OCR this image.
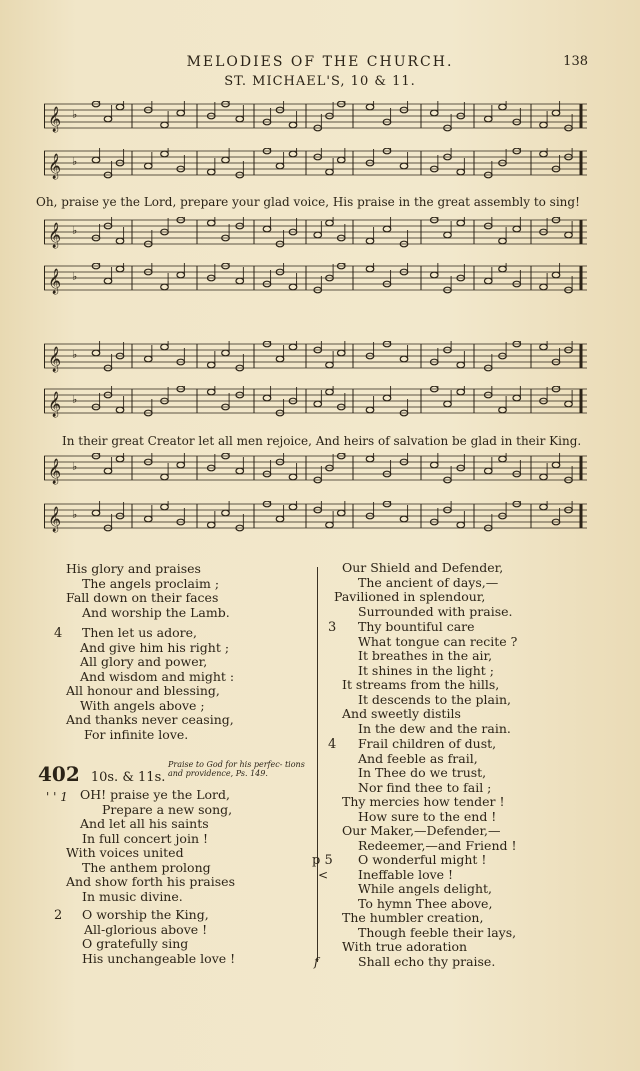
MELODIES OF THE CHURCH.	138
ST. MICHAEL'S, 10 & 11.
𝄞 ♭
𝄞 ♭
Oh, praise ye the Lord, prepare your glad voice, His praise in the great assembly to sing!
𝄞 ♭
𝄞 ♭
𝄞 ♭
𝄞 ♭
In their great Creator let all men rejoice, And heirs of salvation be glad in their King.
𝄞 ♭
𝄞 ♭
His glory and praises
The angels proclaim ;
Fall down on their faces
And worship the Lamb.
4	Then let us adore,
And give him his right ;
All glory and power,
And wisdom and might :
All honour and blessing,
With angels above ;
And thanks never ceasing,
For infinite love.
402 10s. & 11s.
Praise to God for his perfec- tions and providence, Ps. 149.
' ' 1 OH! praise ye the Lord,
Prepare a new song,
And let all his saints
In full concert join !
With voices united
The anthem prolong
And show forth his praises
In music divine.
2 O worship the King,
All-glorious above !
O gratefully sing
His unchangeable love !
Our Shield and Defender,
The ancient of days,—
Pavilioned in splendour,
Surrounded with praise.
3	Thy bountiful care
What tongue can recite ?
It breathes in the air,
It shines in the light ;
It streams from the hills,
It descends to the plain,
And sweetly distils
In the dew and the rain.
4	Frail children of dust,
And feeble as frail,
In Thee do we trust,
Nor find thee to fail ;
Thy mercies how tender !
How sure to the end !
Our Maker,—Defender,—
Redeemer,—and Friend !
p 5
<
f
O wonderful might !
Ineffable love !
While angels delight,
To hymn Thee above,
The humbler creation,
Though feeble their lays,
With true adoration
Shall echo thy praise.
